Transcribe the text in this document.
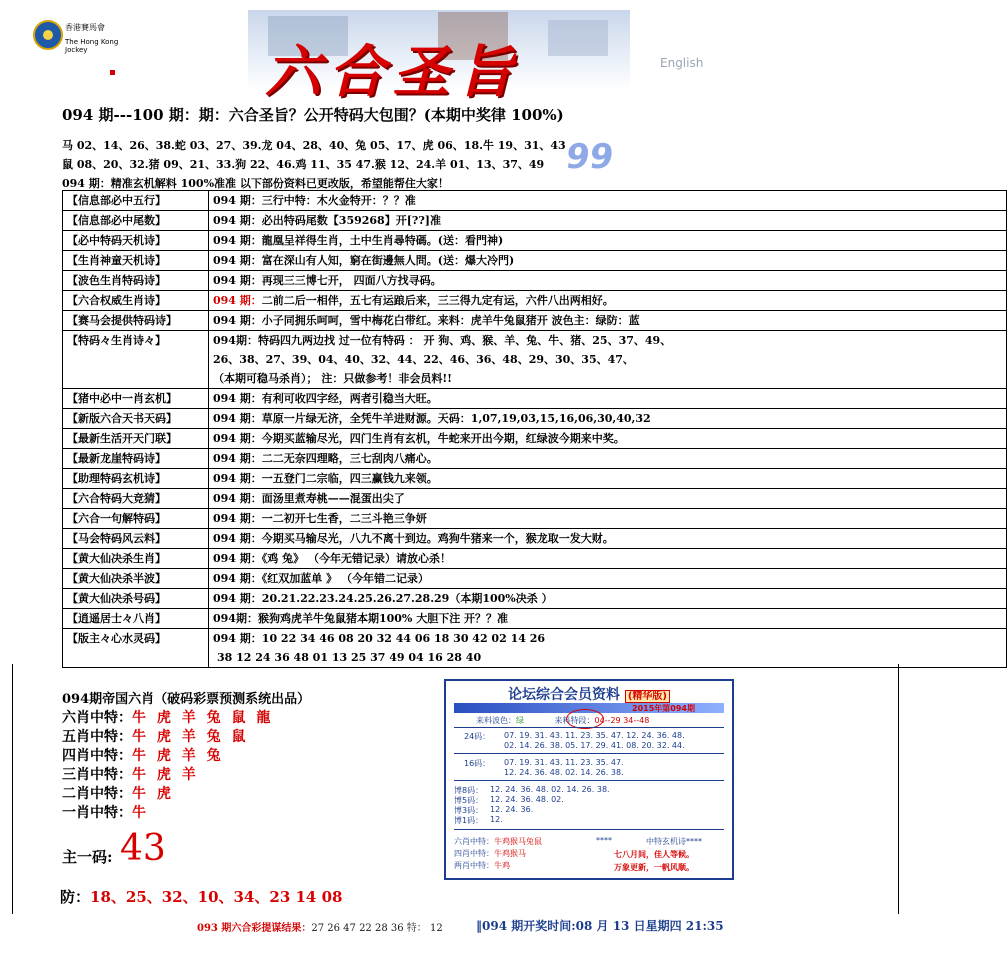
香港賽馬會
The Hong Kong Jockey	六合圣旨	English
094 期---100 期：期：六合圣旨？公开特码大包围？(本期中奖律 100%)
马 02、14、26、38.蛇 03、27、39.龙 04、28、40、兔 05、17、虎 06、18.牛 19、31、43
鼠 08、20、32.猪 09、21、33.狗 22、46.鸡 11、35 47.猴 12、24.羊 01、13、37、49 99
094 期：精准玄机解料 100%准准 以下部份资料已更改版，希望能帮住大家！
【信息部必中五行】	094 期：三行中特：木火金特开：？？准

【信息部必中尾数】	094 期：必出特码尾数【359268】开[??]准

【必中特码天机诗】	094 期：龍凰呈祥得生肖，土中生肖尋特碼。(送：看門神)

【生肖神童天机诗】	094 期：富在深山有人知，窮在街邊無人問。(送：爆大冷門)

【波色生肖特码诗】	094 期：再现三三博七开， 四面八方找寻码。

【六合权威生肖诗】	094 期：二前二后一相伴，五七有运踉后来，三三得九定有运，六件八出两相好。

【赛马会提供特码诗】	094 期：小子同拥乐呵呵，雪中梅花白带红。来料：虎羊牛兔鼠猪开 波色主：绿防：蓝

【特码々生肖诗々】	094期：特码四九两边找 过一位有特码 ： 开 狗、鸡、猴、羊、兔、牛、猪、25、37、49、
26、38、27、39、04、40、32、44、22、46、36、48、29、30、35、47、
（本期可稳马杀肖）； 注：只做参考！非会员料!!

【猪中必中一肖玄机】	094 期：有利可收四字经，两者引稳当大旺。

【新版六合天书天码】	094 期：草原一片绿无济，全凭牛羊进财源。天码：1,07,19,03,15,16,06,30,40,32

【最新生活开天门联】	094 期：今期买蓝输尽光，四门生肖有玄机，牛蛇来开出今期，红绿波今期来中奖。

【最新龙崖特码诗】	094 期：二二无奈四理略，三七刮肉八痛心。

【助理特码玄机诗】	094 期：一五登门二宗临，四三赢钱九来领。

【六合特码大竞猜】	094 期：面汤里煮寿桃——混蛋出尖了

【六合一句解特码】	094 期：一二初开七生香，二三斗艳三争妍

【马会特码风云料】	094 期：今期买马输尽光，八九不离十到边。鸡狗牛猪来一个，猴龙取一发大财。

【黄大仙决杀生肖】	094 期：《鸡 兔》 （今年无错记录）请放心杀！

【黄大仙决杀半波】	094 期：《红双加蓝单 》 （今年错二记录）

【黄大仙决杀号码】	094 期：20.21.22.23.24.25.26.27.28.29（本期100%决杀 ）

【逍遥居士々八肖】	094期：猴狗鸡虎羊牛兔鼠猪本期100% 大胆下注 开？？准

【版主々心水灵码】	094 期：10 22 34 46 08 20 32 44 06 18 30 42 02 14 26
38 12 24 36 48 01 13 25 37 49 04 16 28 40
094期帝国六肖（破码彩票预测系统出品）
六肖中特：牛 虎 羊 兔 鼠 龍
五肖中特：牛 虎 羊 兔 鼠
四肖中特：牛 虎 羊 兔
三肖中特：牛 虎 羊
二肖中特：牛 虎
一肖中特：牛
主一码: 43
防：18、25、32、10、34、23 14 08
论坛综合会员资料 (精华版)
2015年第094期
来料波色：绿	来料特段：04--29 34--48
24码： 07. 19. 31. 43. 11. 23. 35. 47. 12. 24. 36. 48.
02. 14. 26. 38. 05. 17. 29. 41. 08. 20. 32. 44.
16码： 07. 19. 31. 43. 11. 23. 35. 47.
12. 24. 36. 48. 02. 14. 26. 38.
博8码： 12. 24. 36. 48. 02. 14. 26. 38.
博5码： 12. 24. 36. 48. 02.
博3码： 12. 24. 36.
博1码： 12.
六肖中特：牛鸡猴马兔鼠
四肖中特：牛鸡猴马
两肖中特：牛鸡
****	中特玄机诗****
七八月间，佳人等候。
万象更新，一帆风顺。
093 期六合彩提谋结果：27 26 47 22 28 36 特： 12	‖094 期开奖时间:08 月 13 日星期四 21:35
